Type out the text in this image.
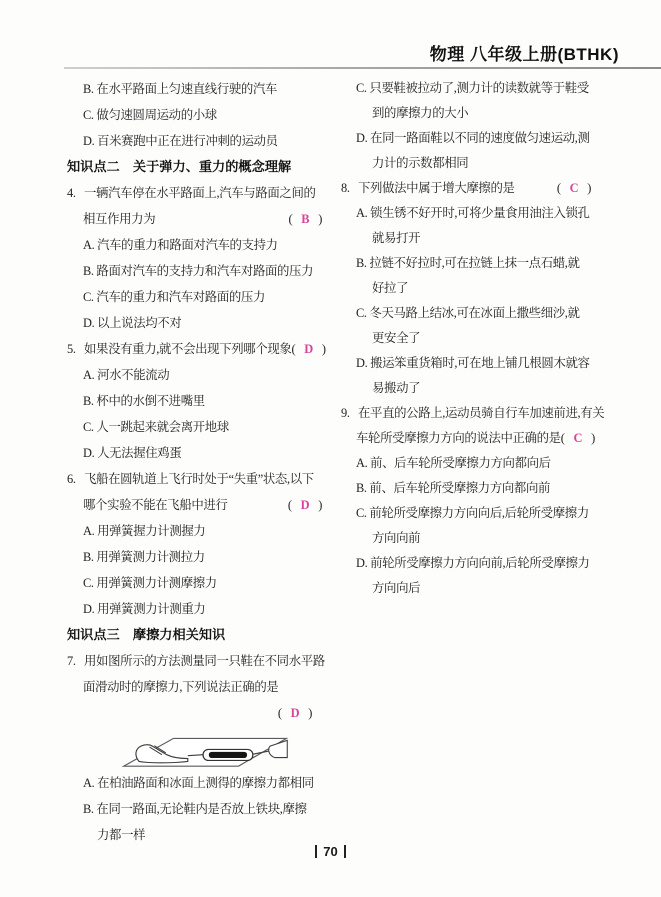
物理 八年级上册(BTHK)
B. 在水平路面上匀速直线行驶的汽车
C. 做匀速圆周运动的小球
D. 百米赛跑中正在进行冲刺的运动员
知识点二　关于弹力、重力的概念理解
4. 一辆汽车停在水平路面上,汽车与路面之间的
相互作用力为	( B )
A. 汽车的重力和路面对汽车的支持力
B. 路面对汽车的支持力和汽车对路面的压力
C. 汽车的重力和汽车对路面的压力
D. 以上说法均不对
5. 如果没有重力,就不会出现下列哪个现象 ( D )
A. 河水不能流动
B. 杯中的水倒不进嘴里
C. 人一跳起来就会离开地球
D. 人无法握住鸡蛋
6. 飞船在圆轨道上飞行时处于“失重”状态,以下
哪个实验不能在飞船中进行	( D )
A. 用弹簧握力计测握力
B. 用弹簧测力计测拉力
C. 用弹簧测力计测摩擦力
D. 用弹簧测力计测重力
知识点三　摩擦力相关知识
7. 用如图所示的方法测量同一只鞋在不同水平路
面滑动时的摩擦力,下列说法正确的是
( D )
A. 在柏油路面和冰面上测得的摩擦力都相同
B. 在同一路面,无论鞋内是否放上铁块,摩擦
力都一样
C. 只要鞋被拉动了,测力计的读数就等于鞋受
到的摩擦力的大小
D. 在同一路面鞋以不同的速度做匀速运动,测
力计的示数都相同
8. 下列做法中属于增大摩擦的是	( C )
A. 锁生锈不好开时,可将少量食用油注入锁孔
就易打开
B. 拉链不好拉时,可在拉链上抹一点石蜡,就
好拉了
C. 冬天马路上结冰,可在冰面上撒些细沙,就
更安全了
D. 搬运笨重货箱时,可在地上铺几根圆木就容
易搬动了
9. 在平直的公路上,运动员骑自行车加速前进,有关
车轮所受摩擦力方向的说法中正确的是 ( C )
A. 前、后车轮所受摩擦力方向都向后
B. 前、后车轮所受摩擦力方向都向前
C. 前轮所受摩擦力方向向后,后轮所受摩擦力
方向向前
D. 前轮所受摩擦力方向向前,后轮所受摩擦力
方向向后
70
